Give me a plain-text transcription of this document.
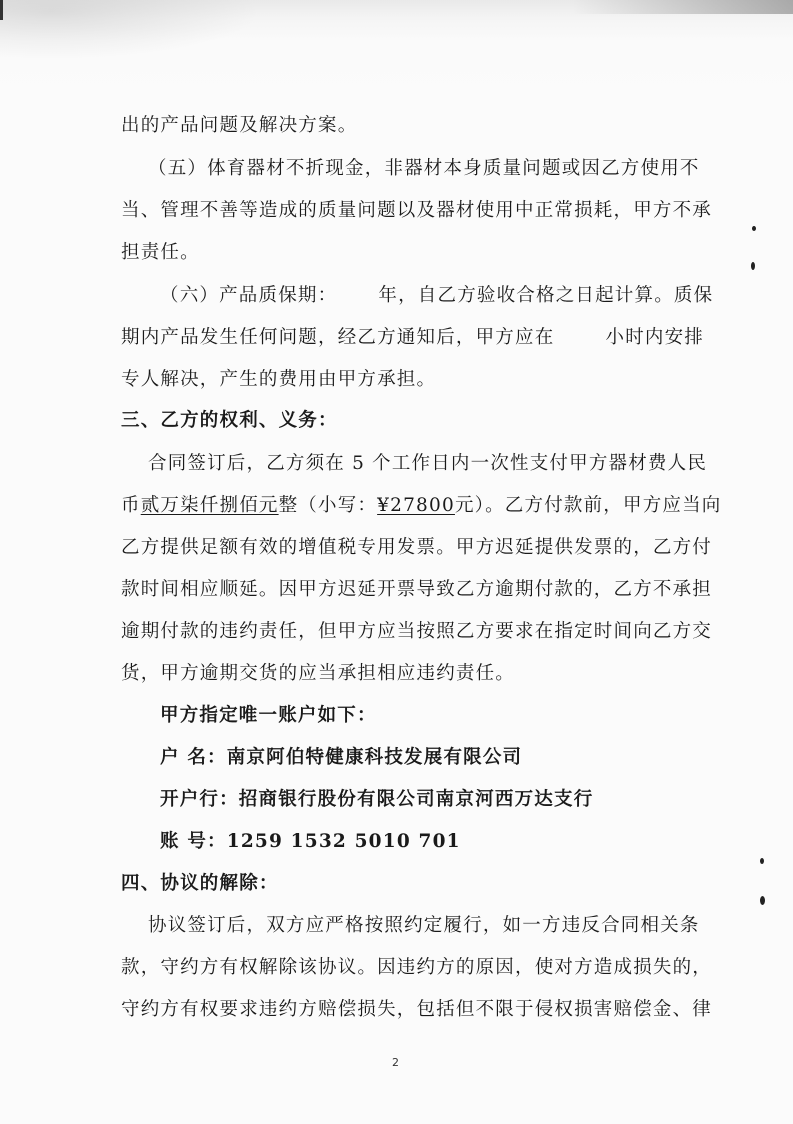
出的产品问题及解决方案。
（五）体育器材不折现金，非器材本身质量问题或因乙方使用不
当、管理不善等造成的质量问题以及器材使用中正常损耗，甲方不承
担责任。
（六）产品质保期： 年，自乙方验收合格之日起计算。质保
期内产品发生任何问题，经乙方通知后，甲方应在	小时内安排
专人解决，产生的费用由甲方承担。
三、乙方的权利、义务：
合同签订后，乙方须在 5 个工作日内一次性支付甲方器材费人民
币贰万柒仟捌佰元整（小写：¥27800元）。乙方付款前，甲方应当向
乙方提供足额有效的增值税专用发票。甲方迟延提供发票的，乙方付
款时间相应顺延。因甲方迟延开票导致乙方逾期付款的，乙方不承担
逾期付款的违约责任，但甲方应当按照乙方要求在指定时间向乙方交
货，甲方逾期交货的应当承担相应违约责任。
甲方指定唯一账户如下：
户 名：南京阿伯特健康科技发展有限公司
开户行：招商银行股份有限公司南京河西万达支行
账 号：1259 1532 5010 701
四、协议的解除：
协议签订后，双方应严格按照约定履行，如一方违反合同相关条
款，守约方有权解除该协议。因违约方的原因，使对方造成损失的，
守约方有权要求违约方赔偿损失，包括但不限于侵权损害赔偿金、律
2
